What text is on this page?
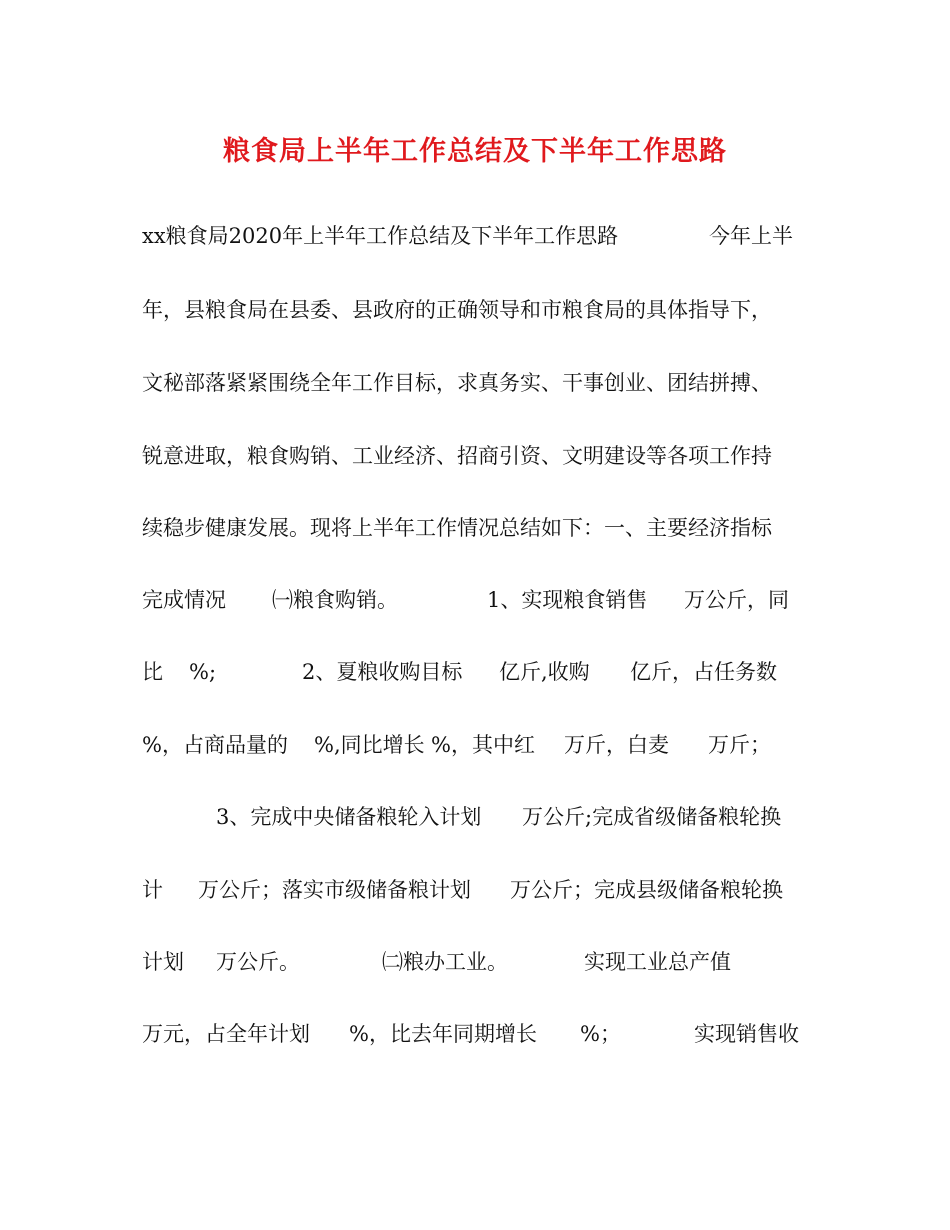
粮食局上半年工作总结及下半年工作思路

xx粮食局2020年上半年工作总结及下半年工作思路

	今年上半

年，县粮食局在县委、县政府的正确领导和市粮食局的具体指导下，

文秘部落紧紧围绕全年工作目标，求真务实、干事创业、团结拼搏、

锐意进取，粮食购销、工业经济、招商引资、文明建设等各项工作持

续稳步健康发展。现将上半年工作情况总结如下：一、主要经济指标

完成情况

㈠粮食购销。

	1、实现粮食销售

万公斤，同

比

%;

	2、夏粮收购目标

亿斤,收购

亿斤，占任务数

%，占商品量的

%,同比增长

%，其中红

万斤，白麦

万斤；

3、完成中央储备粮轮入计划

万公斤;完成省级储备粮轮换

计

万公斤；落实市级储备粮计划

万公斤；完成县级储备粮轮换

计划

万公斤。

	㈡粮办工业。

	实现工业总产值

万元，占全年计划

%，比去年同期增长

%；

	实现销售收
